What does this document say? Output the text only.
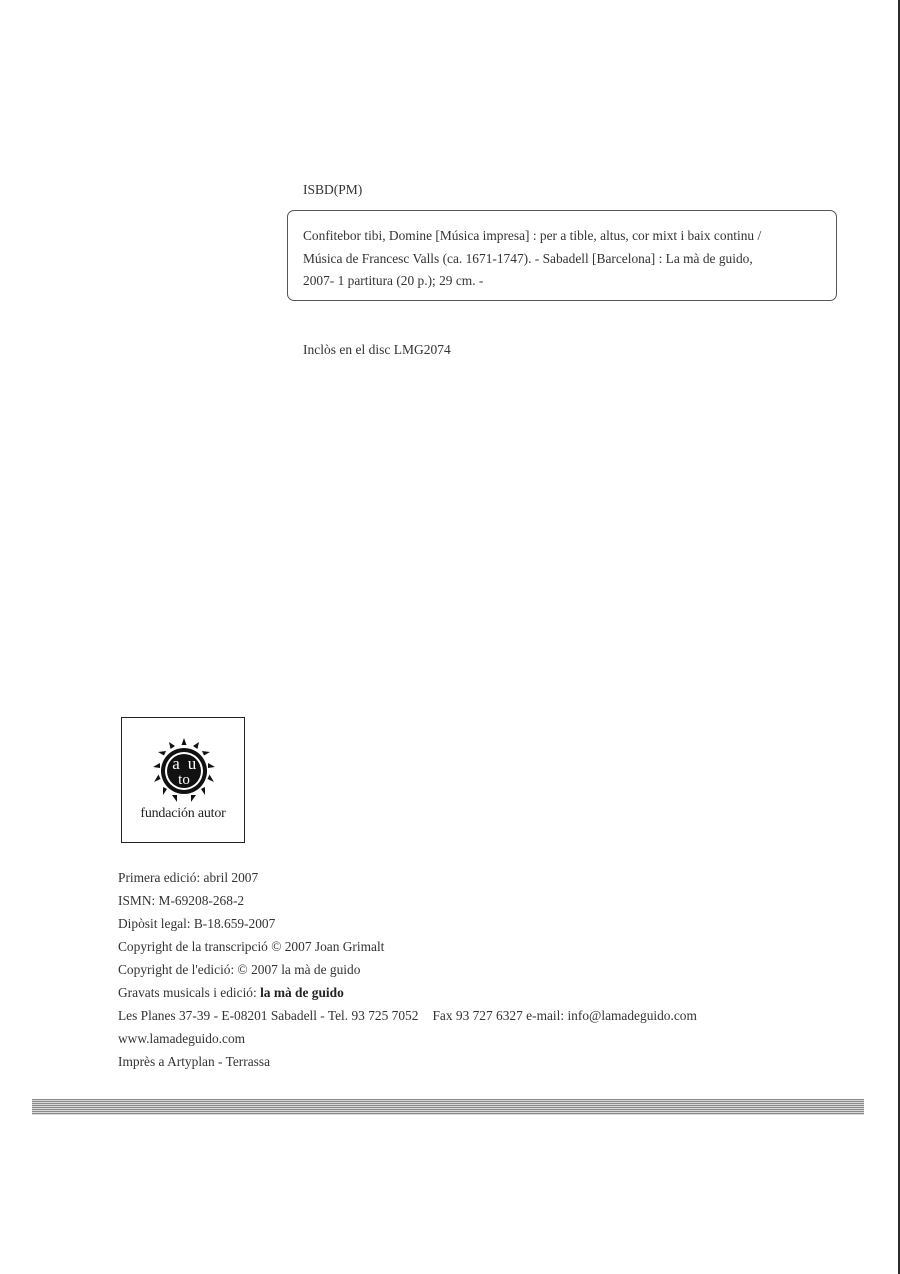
ISBD(PM)
Confitebor tibi, Domine [Música impresa] : per a tible, altus, cor mixt i baix continu /
Música de Francesc Valls (ca. 1671-1747). - Sabadell [Barcelona] : La mà de guido,
2007- 1 partitura (20 p.); 29 cm. -
Inclòs en el disc LMG2074
a u
to
fundación autor
Primera edició: abril 2007
ISMN: M-69208-268-2
Dipòsit legal: B-18.659-2007
Copyright de la transcripció © 2007 Joan Grimalt
Copyright de l'edició: © 2007 la mà de guido
Gravats musicals i edició: la mà de guido
Les Planes 37-39 - E-08201 Sabadell - Tel. 93 725 7052 Fax 93 727 6327 e-mail: info@lamadeguido.com
www.lamadeguido.com
Imprès a Artyplan - Terrassa
